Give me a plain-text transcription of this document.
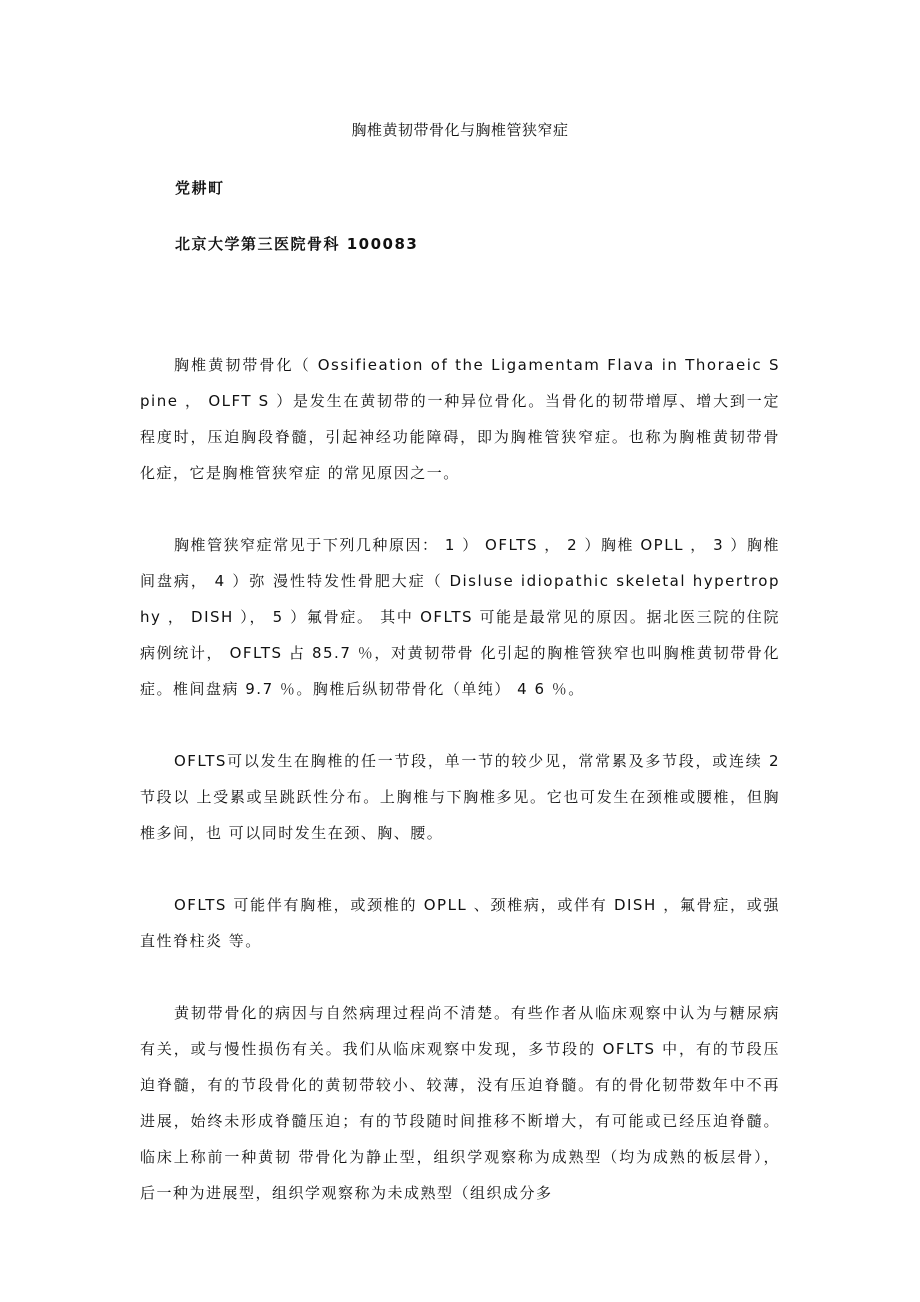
胸椎黄韧带骨化与胸椎管狭窄症
党耕町
北京大学第三医院骨科 100083

胸椎黄韧带骨化（ Ossifieation of the Ligamentam Flava in Thoraeic Spine ， OLFT S ）是发生在黄韧带的一种异位骨化。当骨化的韧带增厚、增大到一定程度时，压迫胸段脊髓，引起神经功能障碍，即为胸椎管狭窄症。也称为胸椎黄韧带骨化症，它是胸椎管狭窄症 的常见原因之一。

胸椎管狭窄症常见于下列几种原因： 1 ） OFLTS ， 2 ）胸椎 OPLL ， 3 ）胸椎间盘病， 4 ）弥 漫性特发性骨肥大症（ Disluse idiopathic skeletal hypertrophy ， DISH ）， 5 ）氟骨症。 其中 OFLTS 可能是最常见的原因。据北医三院的住院病例统计， OFLTS 占 85.7 ％，对黄韧带骨 化引起的胸椎管狭窄也叫胸椎黄韧带骨化症。椎间盘病 9.7 ％。胸椎后纵韧带骨化（单纯） 4 6 ％。

OFLTS可以发生在胸椎的任一节段，单一节的较少见，常常累及多节段，或连续 2 节段以 上受累或呈跳跃性分布。上胸椎与下胸椎多见。它也可发生在颈椎或腰椎，但胸椎多间，也 可以同时发生在颈、胸、腰。

OFLTS 可能伴有胸椎，或颈椎的 OPLL 、颈椎病，或伴有 DISH ，氟骨症，或强直性脊柱炎 等。

黄韧带骨化的病因与自然病理过程尚不清楚。有些作者从临床观察中认为与糖尿病有关，或与慢性损伤有关。我们从临床观察中发现，多节段的 OFLTS 中，有的节段压迫脊髓，有的节段骨化的黄韧带较小、较薄，没有压迫脊髓。有的骨化韧带数年中不再进展，始终未形成脊髓压迫；有的节段随时间推移不断增大，有可能或已经压迫脊髓。临床上称前一种黄韧 带骨化为静止型，组织学观察称为成熟型（均为成熟的板层骨），后一种为进展型，组织学观察称为未成熟型（组织成分多
